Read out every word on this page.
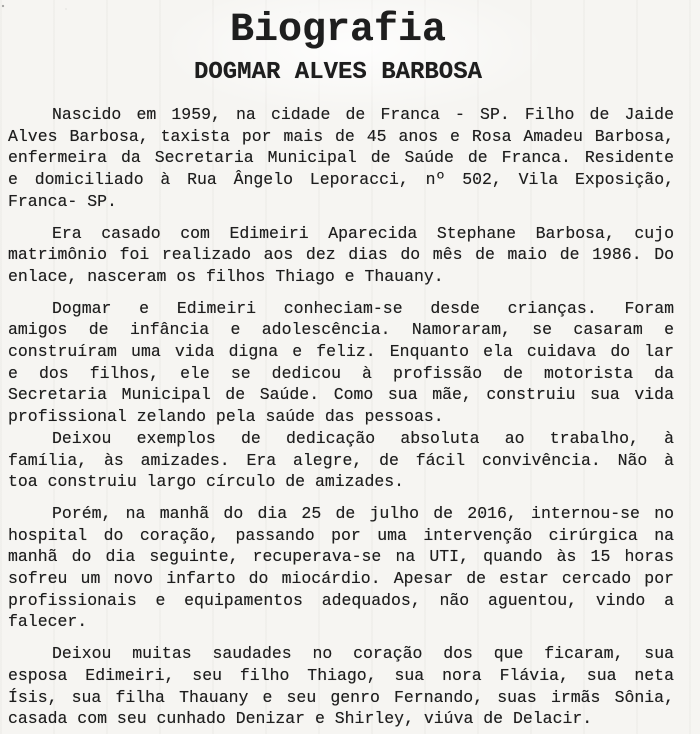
Biografia
DOGMAR ALVES BARBOSA

Nascido em 1959, na cidade de Franca - SP. Filho de Jaide
Alves Barbosa, taxista por mais de 45 anos e Rosa Amadeu Barbosa,
enfermeira da Secretaria Municipal de Saúde de Franca. Residente
e domiciliado à Rua Ângelo Leporacci, nº 502, Vila Exposição,
Franca- SP.

Era casado com Edimeiri Aparecida Stephane Barbosa, cujo
matrimônio foi realizado aos dez dias do mês de maio de 1986. Do
enlace, nasceram os filhos Thiago e Thauany.

Dogmar e Edimeiri conheciam-se desde crianças. Foram
amigos de infância e adolescência. Namoraram, se casaram e
construíram uma vida digna e feliz. Enquanto ela cuidava do lar
e dos filhos, ele se dedicou à profissão de motorista da
Secretaria Municipal de Saúde. Como sua mãe, construiu sua vida
profissional zelando pela saúde das pessoas.

Deixou exemplos de dedicação absoluta ao trabalho, à
família, às amizades. Era alegre, de fácil convivência. Não à
toa construiu largo círculo de amizades.

Porém, na manhã do dia 25 de julho de 2016, internou-se no
hospital do coração, passando por uma intervenção cirúrgica na
manhã do dia seguinte, recuperava-se na UTI, quando às 15 horas
sofreu um novo infarto do miocárdio. Apesar de estar cercado por
profissionais e equipamentos adequados, não aguentou, vindo a
falecer.

Deixou muitas saudades no coração dos que ficaram, sua
esposa Edimeiri, seu filho Thiago, sua nora Flávia, sua neta
Ísis, sua filha Thauany e seu genro Fernando, suas irmãs Sônia,
casada com seu cunhado Denizar e Shirley, viúva de Delacir.
